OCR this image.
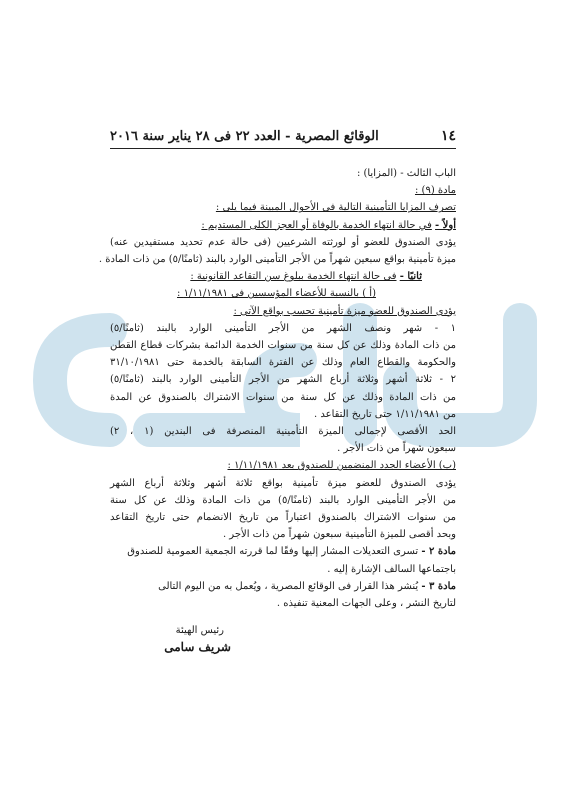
١٤
الوقائع المصرية - العدد ٢٢ فى ٢٨ يناير سنة ٢٠١٦
الباب الثالث - (المزايا) :
مادة (٩) :
تصرف المزايا التأمينية التالية فى الأحوال المبينة فيما يلى :
أولاً - في حالة انتهاء الخدمة بالوفاة أو العجز الكلى المستديم :
يؤدى الصندوق للعضو أو لورثته الشرعيين (فى حالة عدم تحديد مستفيدين عنه)
ميزة تأمينية بواقع سبعين شهراً من الأجر التأمينى الوارد بالبند (ثامنًا/٥) من ذات المادة .
ثانيًا - فى حالة انتهاء الخدمة ببلوغ سن التقاعد القانونية :
(أ ) بالنسبة للأعضاء المؤسسين فى ١/١١/١٩٨١ :
يؤدى الصندوق للعضو ميزة تأمينية تحسب بواقع الآتى :
١ - شهر ونصف الشهر من الأجر التأمينى الوارد بالبند (ثامنًا/٥)
من ذات المادة وذلك عن كل سنة من سنوات الخدمة الدائمة بشركات قطاع القطن
والحكومة والقطاع العام وذلك عن الفترة السابقة بالخدمة حتى ٣١/١٠/١٩٨١
٢ - ثلاثة أشهر وثلاثة أرباع الشهر من الأجر التأمينى الوارد بالبند (ثامنًا/٥)
من ذات المادة وذلك عن كل سنة من سنوات الاشتراك بالصندوق عن المدة
من ١/١١/١٩٨١ حتى تاريخ التقاعد .
الحد الأقصى لإجمالى الميزة التأمينية المنصرفة فى البندين (١ ، ٢)
سبعون شهراً من ذات الأجر .
(ب) الأعضاء الجدد المنضمين للصندوق بعد ١/١١/١٩٨١ :
يؤدى الصندوق للعضو ميزة تأمينية بواقع ثلاثة أشهر وثلاثة أرباع الشهر
من الأجر التأمينى الوارد بالبند (ثامنًا/٥) من ذات المادة وذلك عن كل سنة
من سنوات الاشتراك بالصندوق اعتباراً من تاريخ الانضمام حتى تاريخ التقاعد
وبحد أقصى للميزة التأمينية سبعون شهراً من ذات الأجر .
مادة ٢ - تسرى التعديلات المشار إليها وفقًا لما قررته الجمعية العمومية للصندوق
باجتماعها السالف الإشارة إليه .
مادة ٣ - يُنشر هذا القرار فى الوقائع المصرية ، ويُعمل به من اليوم التالى
لتاريخ النشر ، وعلى الجهات المعنية تنفيذه .
رئيس الهيئة
شريف سامى
